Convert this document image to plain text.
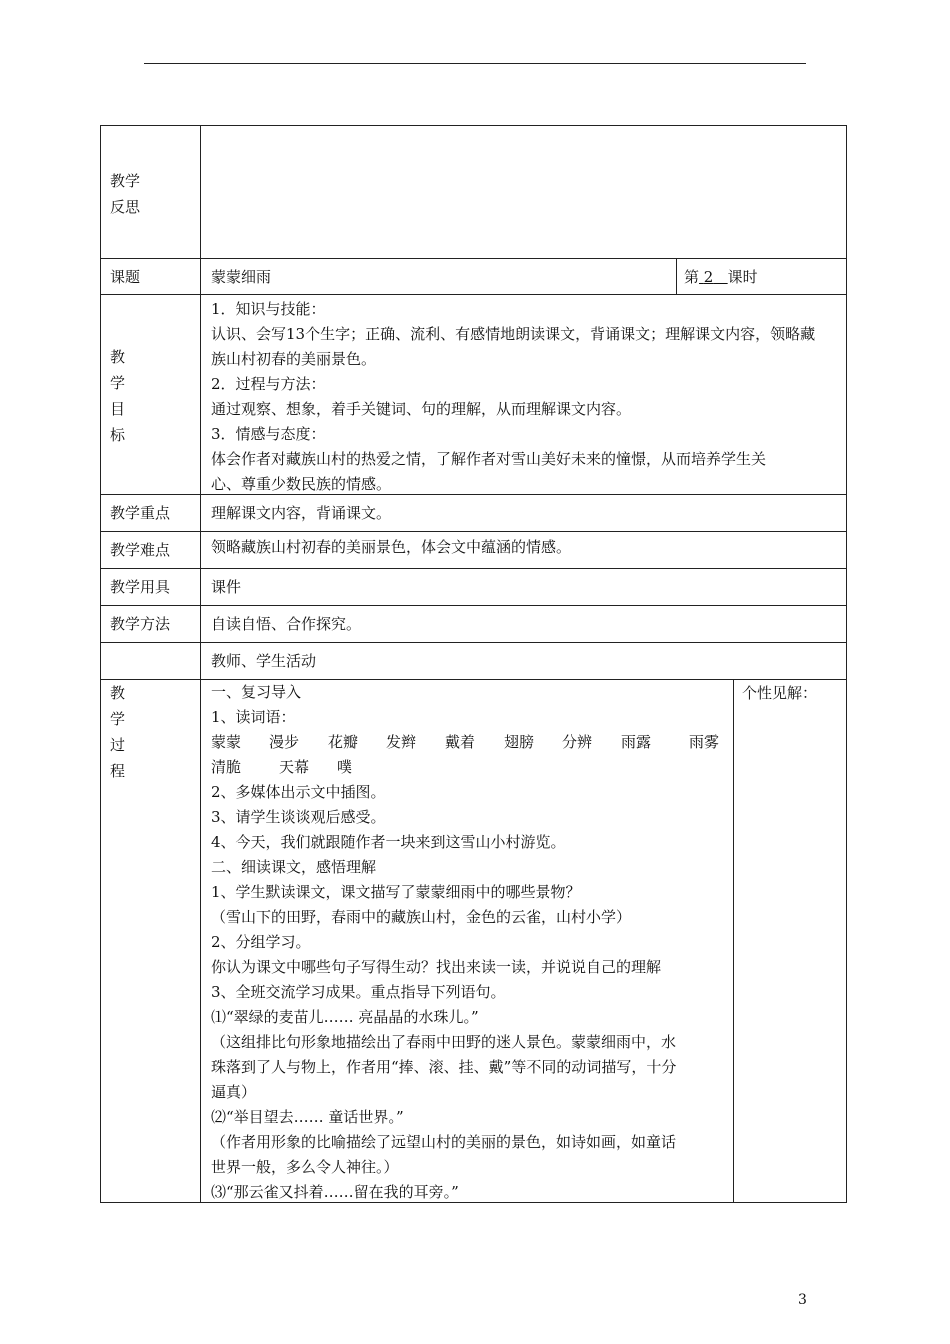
教学
反思
课题	蒙蒙细雨	第 2 课时
教
学
目
标
1．知识与技能：
认识、会写13个生字；正确、流利、有感情地朗读课文，背诵课文；理解课文内容，领略藏
族山村初春的美丽景色。
2．过程与方法：
通过观察、想象，着手关键词、句的理解，从而理解课文内容。
3．情感与态度：
体会作者对藏族山村的热爱之情，了解作者对雪山美好未来的憧憬，从而培养学生关
心、尊重少数民族的情感。
教学重点	理解课文内容，背诵课文。
教学难点	领略藏族山村初春的美丽景色，体会文中蕴涵的情感。
教学用具	课件
教学方法	自读自悟、合作探究。
教师、学生活动
教
学
过
程
个性见解：
一、复习导入
1、读词语：
蒙蒙 漫步 花瓣 发辫 戴着 翅膀 分辨 雨露	雨雾
清脆	天幕 噗
2、多媒体出示文中插图。
3、请学生谈谈观后感受。
4、今天，我们就跟随作者一块来到这雪山小村游览。
二、细读课文，感悟理解
1、学生默读课文，课文描写了蒙蒙细雨中的哪些景物？
（雪山下的田野，春雨中的藏族山村，金色的云雀，山村小学）
2、分组学习。
你认为课文中哪些句子写得生动？找出来读一读，并说说自己的理解
3、全班交流学习成果。重点指导下列语句。
⑴“翠绿的麦苗儿…… 亮晶晶的水珠儿。”
（这组排比句形象地描绘出了春雨中田野的迷人景色。蒙蒙细雨中，水
珠落到了人与物上，作者用“捧、滚、挂、戴”等不同的动词描写，十分
逼真）
⑵“举目望去…… 童话世界。”
（作者用形象的比喻描绘了远望山村的美丽的景色，如诗如画，如童话
世界一般，多么令人神往。）
⑶“那云雀又抖着……留在我的耳旁。”
3
